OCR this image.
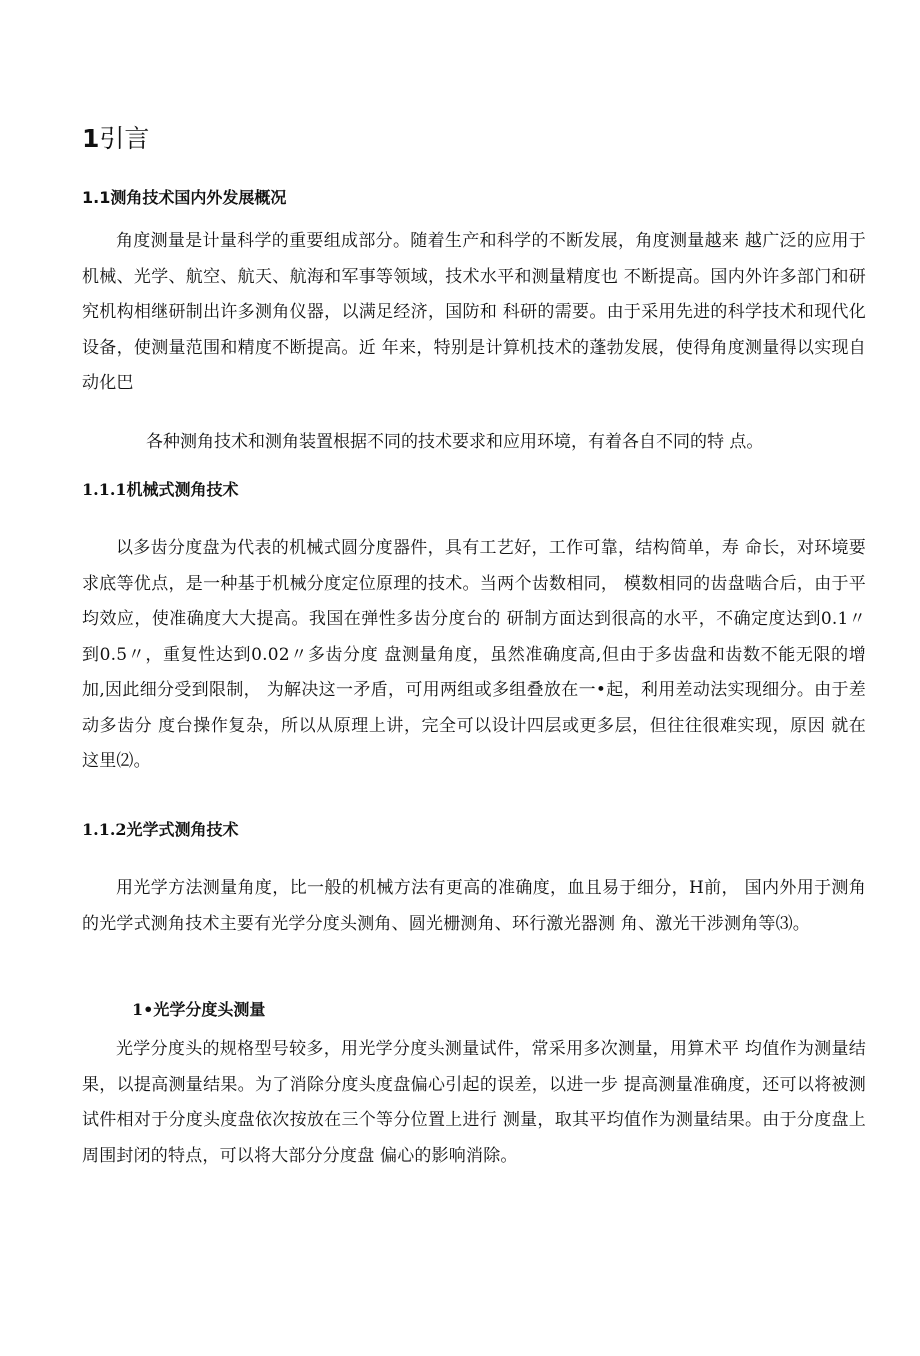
1引言
1.1测角技术国内外发展概况

角度测量是计量科学的重要组成部分。随着生产和科学的不断发展，角度测量越来 越广泛的应用于机械、光学、航空、航天、航海和军事等领域，技术水平和测量精度也 不断提高。国内外许多部门和研究机构相继研制出许多测角仪器，以满足经济，国防和 科研的需要。由于采用先进的科学技术和现代化设备，使测量范围和精度不断提高。近 年来，特别是计算机技术的蓬勃发展，使得角度测量得以实现自动化巴

各种测角技术和测角装置根据不同的技术要求和应用环境，有着各自不同的特 点。

1.1.1机械式测角技术

以多齿分度盘为代表的机械式圆分度器件，具有工艺好，工作可靠，结构简单，寿 命长，对环境要求底等优点，是一种基于机械分度定位原理的技术。当两个齿数相同， 模数相同的齿盘啮合后，由于平均效应，使准确度大大提高。我国在弹性多齿分度台的 研制方面达到很高的水平，不确定度达到0.1〃到0.5〃，重复性达到0.02〃多齿分度 盘测量角度，虽然准确度高,但由于多齿盘和齿数不能无限的增加,因此细分受到限制， 为解决这一矛盾，可用两组或多组叠放在一•起，利用差动法实现细分。由于差动多齿分 度台操作复杂，所以从原理上讲，完全可以设计四层或更多层，但往往很难实现，原因 就在这里⑵。

1.1.2光学式测角技术

用光学方法测量角度，比一般的机械方法有更高的准确度，血且易于细分，H前， 国内外用于测角的光学式测角技术主要有光学分度头测角、圆光栅测角、环行激光器测 角、激光干涉测角等⑶。

1•光学分度头测量

光学分度头的规格型号较多，用光学分度头测量试件，常采用多次测量，用算术平 均值作为测量结果，以提高测量结果。为了消除分度头度盘偏心引起的误差，以进一步 提高测量准确度，还可以将被测试件相对于分度头度盘依次按放在三个等分位置上进行 测量，取其平均值作为测量结果。由于分度盘上周围封闭的特点，可以将大部分分度盘 偏心的影响消除。
